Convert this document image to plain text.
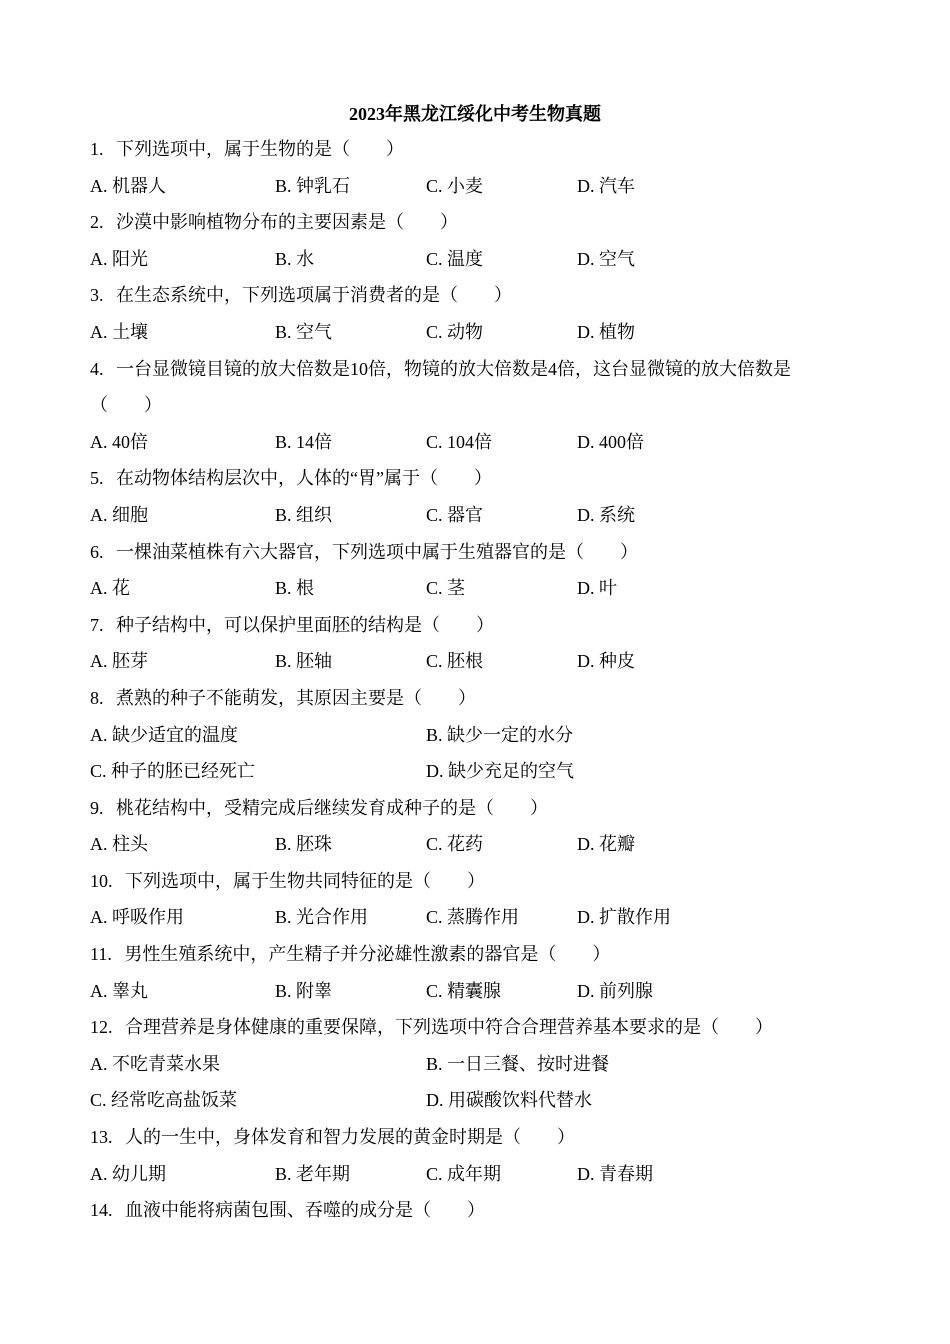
2023年黑龙江绥化中考生物真题
1. 下列选项中，属于生物的是（　　）
A. 机器人	B. 钟乳石	C. 小麦	D. 汽车
2. 沙漠中影响植物分布的主要因素是（　　）
A. 阳光	B. 水	C. 温度	D. 空气
3. 在生态系统中，下列选项属于消费者的是（　　）
A. 土壤	B. 空气	C. 动物	D. 植物
4. 一台显微镜目镜的放大倍数是10倍，物镜的放大倍数是4倍，这台显微镜的放大倍数是
（　　）
A. 40倍	B. 14倍	C. 104倍	D. 400倍
5. 在动物体结构层次中，人体的“胃”属于（　　）
A. 细胞	B. 组织	C. 器官	D. 系统
6. 一棵油菜植株有六大器官，下列选项中属于生殖器官的是（　　）
A. 花	B. 根	C. 茎	D. 叶
7. 种子结构中，可以保护里面胚的结构是（　　）
A. 胚芽	B. 胚轴	C. 胚根	D. 种皮
8. 煮熟的种子不能萌发，其原因主要是（　　）
A. 缺少适宜的温度	B. 缺少一定的水分
C. 种子的胚已经死亡	D. 缺少充足的空气
9. 桃花结构中，受精完成后继续发育成种子的是（　　）
A. 柱头	B. 胚珠	C. 花药	D. 花瓣
10. 下列选项中，属于生物共同特征的是（　　）
A. 呼吸作用	B. 光合作用	C. 蒸腾作用	D. 扩散作用
11. 男性生殖系统中，产生精子并分泌雄性激素的器官是（　　）
A. 睾丸	B. 附睾	C. 精囊腺	D. 前列腺
12. 合理营养是身体健康的重要保障，下列选项中符合合理营养基本要求的是（　　）
A. 不吃青菜水果	B. 一日三餐、按时进餐
C. 经常吃高盐饭菜	D. 用碳酸饮料代替水
13. 人的一生中，身体发育和智力发展的黄金时期是（　　）
A. 幼儿期	B. 老年期	C. 成年期	D. 青春期
14. 血液中能将病菌包围、吞噬的成分是（　　）
